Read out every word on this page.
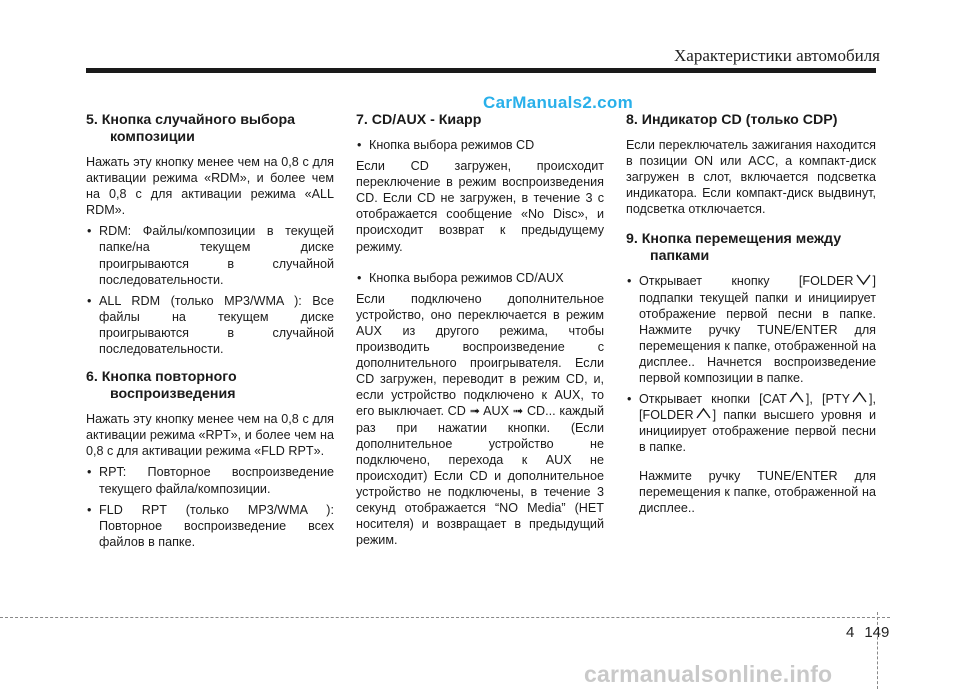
Характеристики автомобиля
CarManuals2.com
5. Кнопка случайного выбора композиции

Нажать эту кнопку менее чем на 0,8 с для активации режима «RDM», и более чем на 0,8 с для активации режима «ALL RDM».

• RDM: Файлы/композиции в текущей папке/на текущем диске проигрываются в случайной последовательности.
• ALL RDM (только MP3/WMA ): Все файлы на текущем диске проигрываются в случайной последовательности.
6. Кнопка повторного воспроизведения

Нажать эту кнопку менее чем на 0,8 с для активации режима «RPT», и более чем на 0,8 с для активации режима «FLD RPT».

• RPT: Повторное воспроизведение текущего файла/композиции.
• FLD RPT (только MP3/WMA ): Повторное воспроизведение всех файлов в папке.
7. CD/AUX - Киарр
• Кнопка выбора режимов CD

Если CD загружен, происходит переключение в режим воспроизведения CD. Если CD не загружен, в течение 3 с отображается сообщение «No Disc», и происходит возврат к предыдущему режиму.

• Кнопка выбора режимов CD/AUX

Если подключено дополнительное устройство, оно переключается в режим AUX из другого режима, чтобы производить воспроизведение с дополнительного проигрывателя. Если CD загружен, переводит в режим CD, и, если устройство подключено к AUX, то его выключает. CD ➟ AUX ➟ CD... каждый раз при нажатии кнопки. (Если дополнительное устройство не подключено, перехода к AUX не происходит) Если CD и дополнительное устройство не подключены, в течение 3 секунд отображается “NO Media” (НЕТ носителя) и возвращает в предыдущий режим.

8. Индикатор CD (только CDP)

Если переключатель зажигания находится в позиции ON или ACC, а компакт-диск загружен в слот, включается подсветка индикатора. Если компакт-диск выдвинут, подсветка отключается.

9. Кнопка перемещения между папками
• Открывает кнопку [FOLDER ] подпапки текущей папки и инициирует отображение первой песни в папке. Нажмите ручку TUNE/ENTER для перемещения к папке, отображенной на дисплее.. Начнется воспроизведение первой композиции в папке.
• Открывает кнопки [CAT ], [PTY ], [FOLDER ] папки высшего уровня и инициирует отображение первой песни в папке.

Нажмите ручку TUNE/ENTER для перемещения к папке, отображенной на дисплее..

4 149
carmanualsonline.info
